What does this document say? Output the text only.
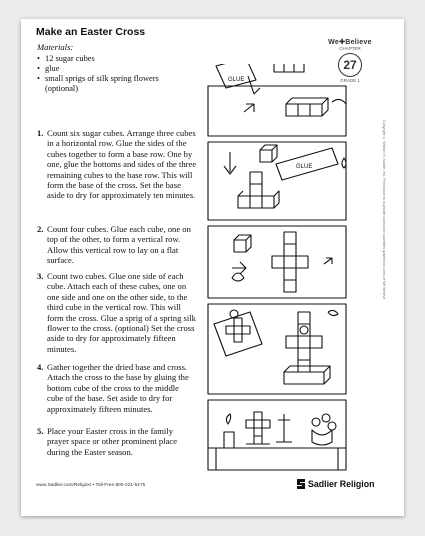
Make an Easter Cross
Materials:
• 12 sugar cubes
• glue
• small sprigs of silk spring flowers (optional)
1. Count six sugar cubes. Arrange three cubes in a horizontal row. Glue the sides of the cubes together to form a base row. One by one, glue the bottoms and sides of the three remaining cubes to the base row. This will form the base of the cross. Set the base aside to dry for approximately ten minutes.
2. Count four cubes. Glue each cube, one on top of the other, to form a vertical row. Allow this vertical row to lay on a flat surface.
3. Count two cubes. Glue one side of each cube. Attach each of these cubes, one on one side and one on the other side, to the third cube in the vertical row. This will form the cross. Glue a sprig of a spring silk flower to the cross. (optional) Set the cross aside to dry for approximately fifteen minutes.
4. Gather together the dried base and cross. Attach the cross to the base by gluing the bottom cube of the cross to the middle cube of the base. Set aside to dry for approximately fifteen minutes.
5. Place your Easter cross in the family prayer space or other prominent place during the Easter season.
GLUE
GLUE
We✚Believe
CHAPTER
27
GRADE 1
Copyright © William H. Sadlier, Inc. Permission to duplicate classroom quantities granted to users of We Believe.
www.Sadlier.com/Religion • Toll-Free 800-221-5175	Sadlier Religion
